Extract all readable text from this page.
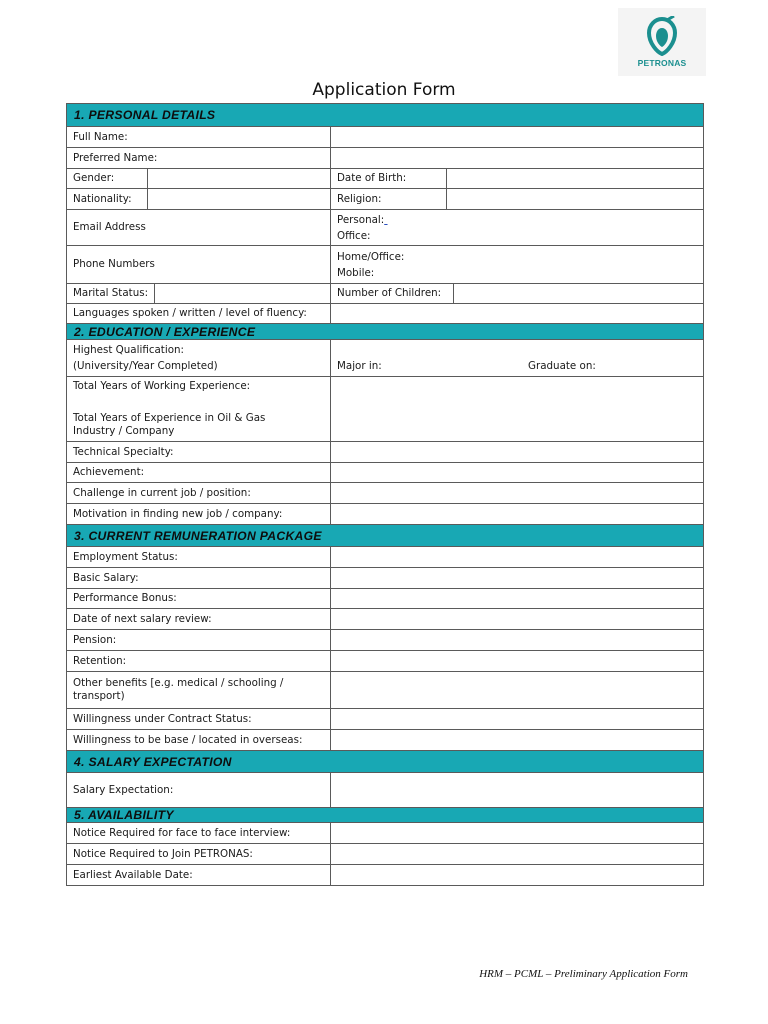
PETRONAS
Application Form
1. PERSONAL DETAILS
Full Name:
Preferred Name:
Gender:	Date of Birth:
Nationality:	Religion:
Email Address
Personal:
Office:
Phone Numbers
Home/Office:
Mobile:
Marital Status:	Number of Children:
Languages spoken / written / level of fluency:
2. EDUCATION / EXPERIENCE
Highest Qualification:
(University/Year Completed)	Major in:	Graduate on:
Total Years of Working Experience:
Total Years of Experience in Oil & Gas Industry / Company
Technical Specialty:
Achievement:
Challenge in current job / position:
Motivation in finding new job / company:
3. CURRENT REMUNERATION PACKAGE
Employment Status:
Basic Salary:
Performance Bonus:
Date of next salary review:
Pension:
Retention:
Other benefits [e.g. medical / schooling / transport)
Willingness under Contract Status:
Willingness to be base / located in overseas:
4. SALARY EXPECTATION
Salary Expectation:
5. AVAILABILITY
Notice Required for face to face interview:
Notice Required to Join PETRONAS:
Earliest Available Date:
HRM – PCML – Preliminary Application Form
